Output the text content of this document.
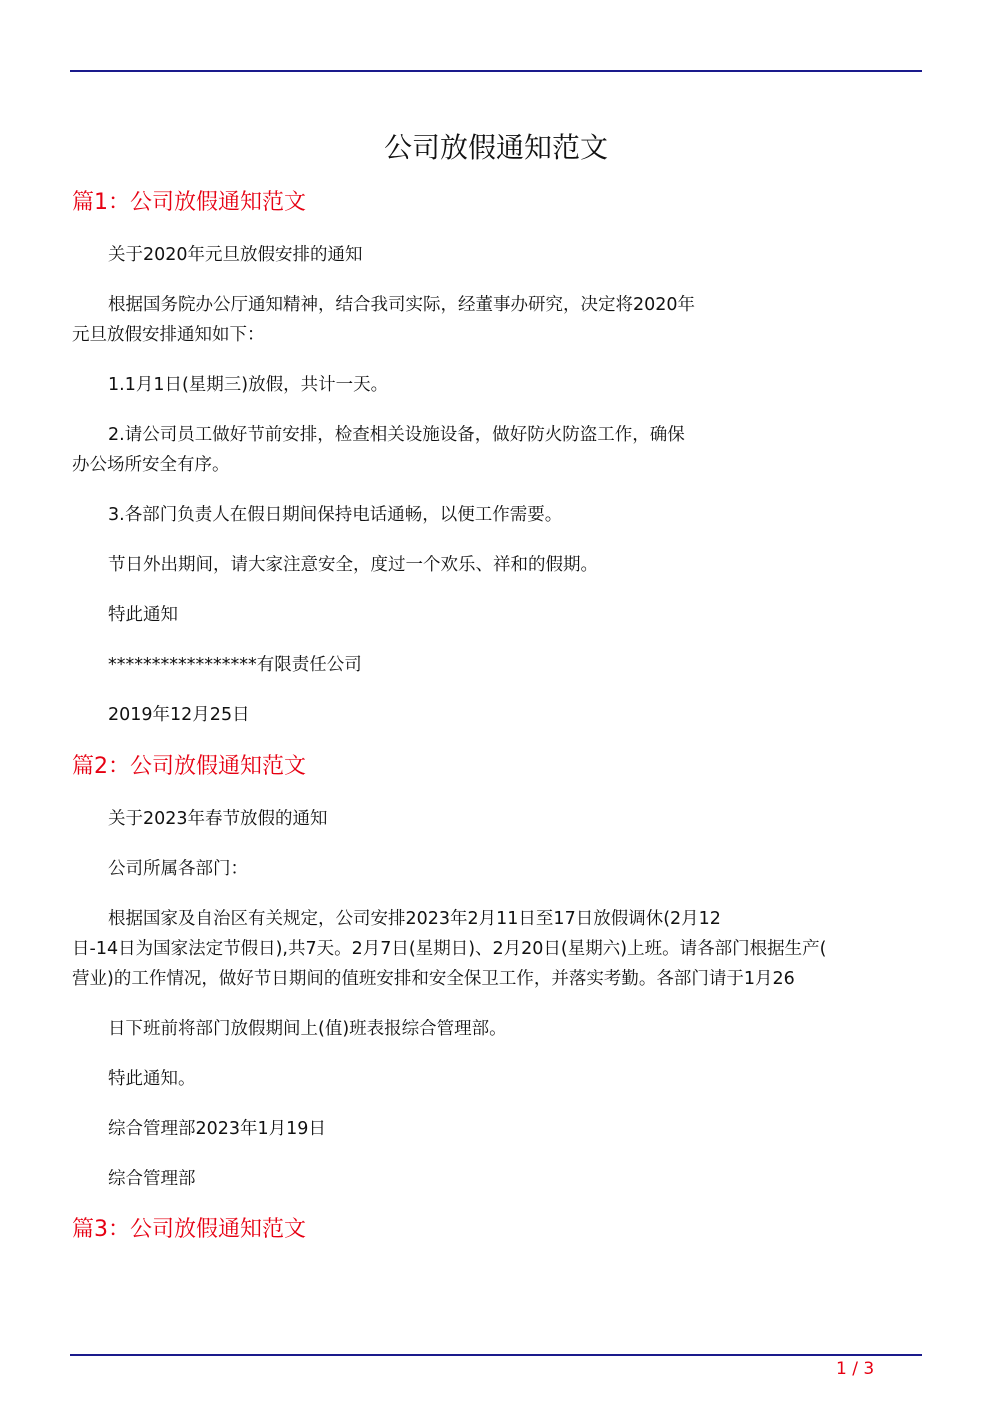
公司放假通知范文
篇1：公司放假通知范文
关于2020年元旦放假安排的通知
根据国务院办公厅通知精神，结合我司实际，经董事办研究，决定将2020年
元旦放假安排通知如下：
1.1月1日(星期三)放假，共计一天。
2.请公司员工做好节前安排，检查相关设施设备，做好防火防盗工作，确保
办公场所安全有序。
3.各部门负责人在假日期间保持电话通畅，以便工作需要。
节日外出期间，请大家注意安全，度过一个欢乐、祥和的假期。
特此通知
*****************有限责任公司
2019年12月25日
篇2：公司放假通知范文
关于2023年春节放假的通知
公司所属各部门：
根据国家及自治区有关规定，公司安排2023年2月11日至17日放假调休(2月12
日-14日为国家法定节假日),共7天。2月7日(星期日)、2月20日(星期六)上班。请各部门根据生产(
营业)的工作情况，做好节日期间的值班安排和安全保卫工作，并落实考勤。各部门请于1月26
日下班前将部门放假期间上(值)班表报综合管理部。
特此通知。
综合管理部2023年1月19日
综合管理部
篇3：公司放假通知范文
1 / 3
